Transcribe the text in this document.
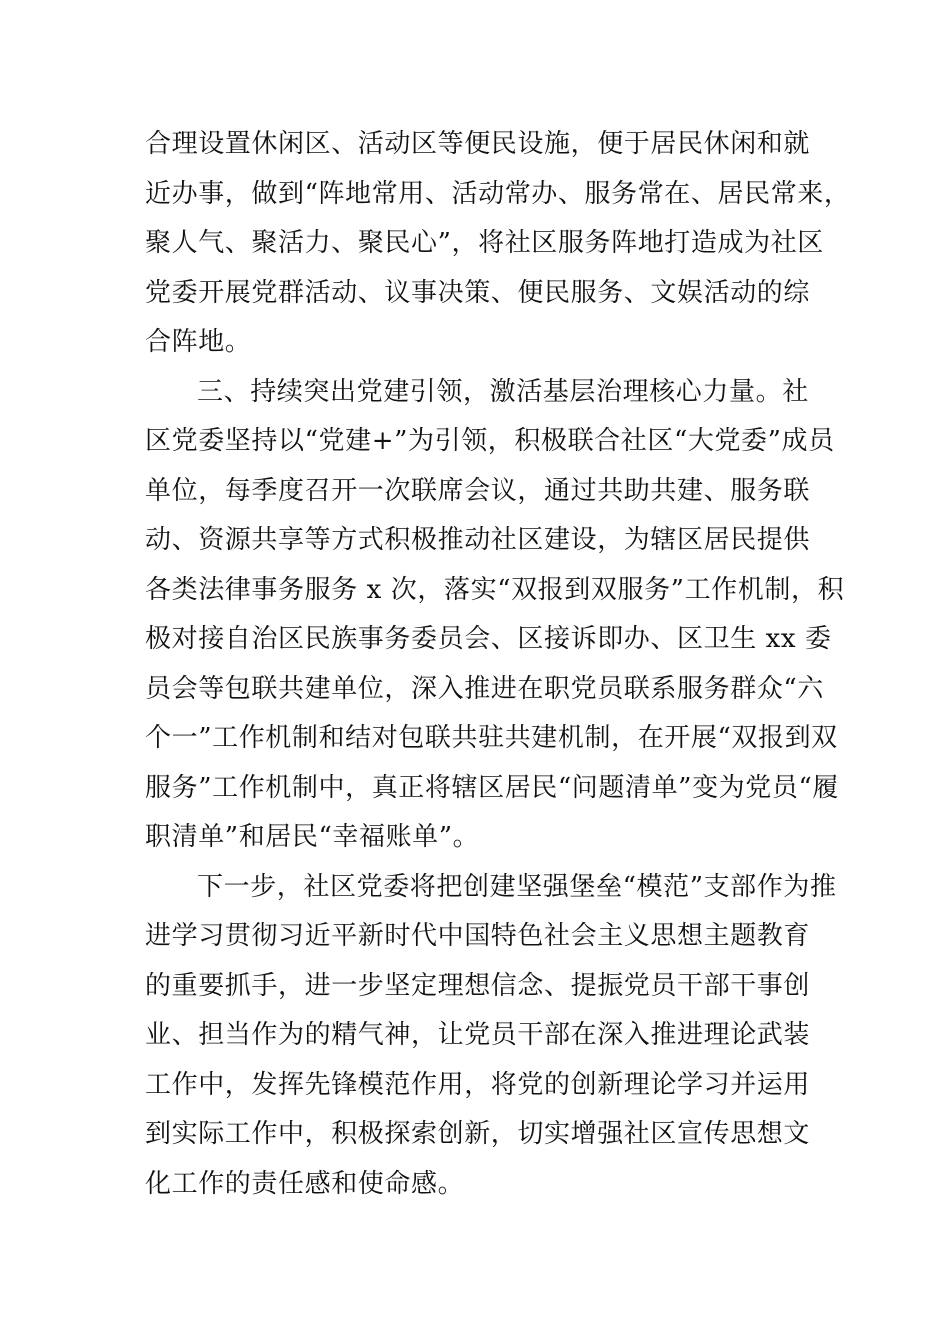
合理设置休闲区、活动区等便民设施，便于居民休闲和就
近办事，做到“阵地常用、活动常办、服务常在、居民常来，
聚人气、聚活力、聚民心”，将社区服务阵地打造成为社区
党委开展党群活动、议事决策、便民服务、文娱活动的综
合阵地。
三、持续突出党建引领，激活基层治理核心力量。社
区党委坚持以“党建+”为引领，积极联合社区“大党委”成员
单位，每季度召开一次联席会议，通过共助共建、服务联
动、资源共享等方式积极推动社区建设，为辖区居民提供
各类法律事务服务 x 次，落实“双报到双服务”工作机制，积
极对接自治区民族事务委员会、区接诉即办、区卫生 xx 委
员会等包联共建单位，深入推进在职党员联系服务群众“六
个一”工作机制和结对包联共驻共建机制，在开展“双报到双
服务”工作机制中，真正将辖区居民“问题清单”变为党员“履
职清单”和居民“幸福账单”。
下一步，社区党委将把创建坚强堡垒“模范”支部作为推
进学习贯彻习近平新时代中国特色社会主义思想主题教育
的重要抓手，进一步坚定理想信念、提振党员干部干事创
业、担当作为的精气神，让党员干部在深入推进理论武装
工作中，发挥先锋模范作用，将党的创新理论学习并运用
到实际工作中，积极探索创新，切实增强社区宣传思想文
化工作的责任感和使命感。
